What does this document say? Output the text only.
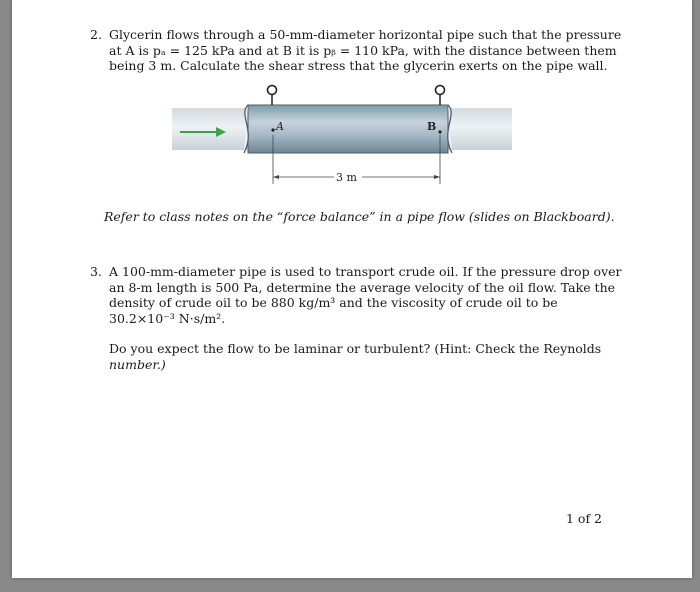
2. Glycerin flows through a 50-mm-diameter horizontal pipe such that the pressure
at A is pₐ = 125 kPa and at B it is pᵦ = 110 kPa, with the distance between them
being 3 m. Calculate the shear stress that the glycerin exerts on the pipe wall.
A	B
3 m
Refer to class notes on the “force balance” in a pipe flow (slides on Blackboard).
3. A 100-mm-diameter pipe is used to transport crude oil. If the pressure drop over
an 8-m length is 500 Pa, determine the average velocity of the oil flow. Take the
density of crude oil to be 880 kg/m³ and the viscosity of crude oil to be
30.2×10⁻³ N·s/m².
Do you expect the flow to be laminar or turbulent? (Hint: Check the Reynolds
number.)
1 of 2
